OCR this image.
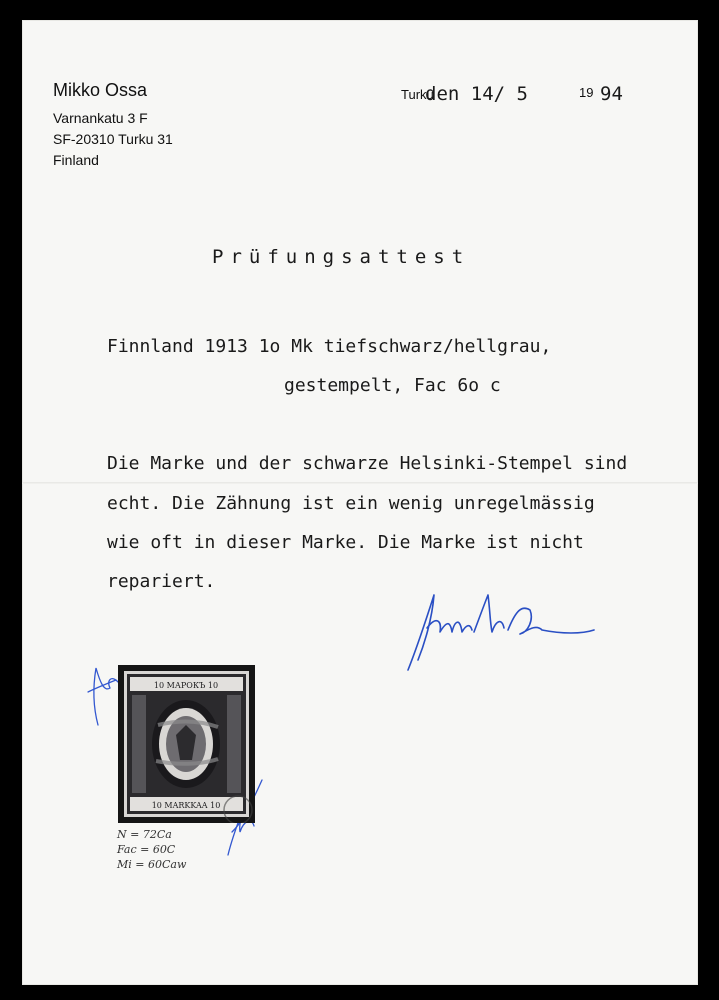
Mikko Ossa
Varnankatu 3 F
SF-20310 Turku 31
Finland
Turku
den 14/ 5	19 94
Prüfungsattest
Finnland 1913 1o Mk tiefschwarz/hellgrau,
gestempelt, Fac 6o c
Die Marke und der schwarze Helsinki-Stempel sind
echt. Die Zähnung ist ein wenig unregelmässig
wie oft in dieser Marke. Die Marke ist nicht
repariert.
10 МАРОКЪ 10
10 MARKKAA 10
N = 72Ca
Fac = 60C
Mi = 60Caw
